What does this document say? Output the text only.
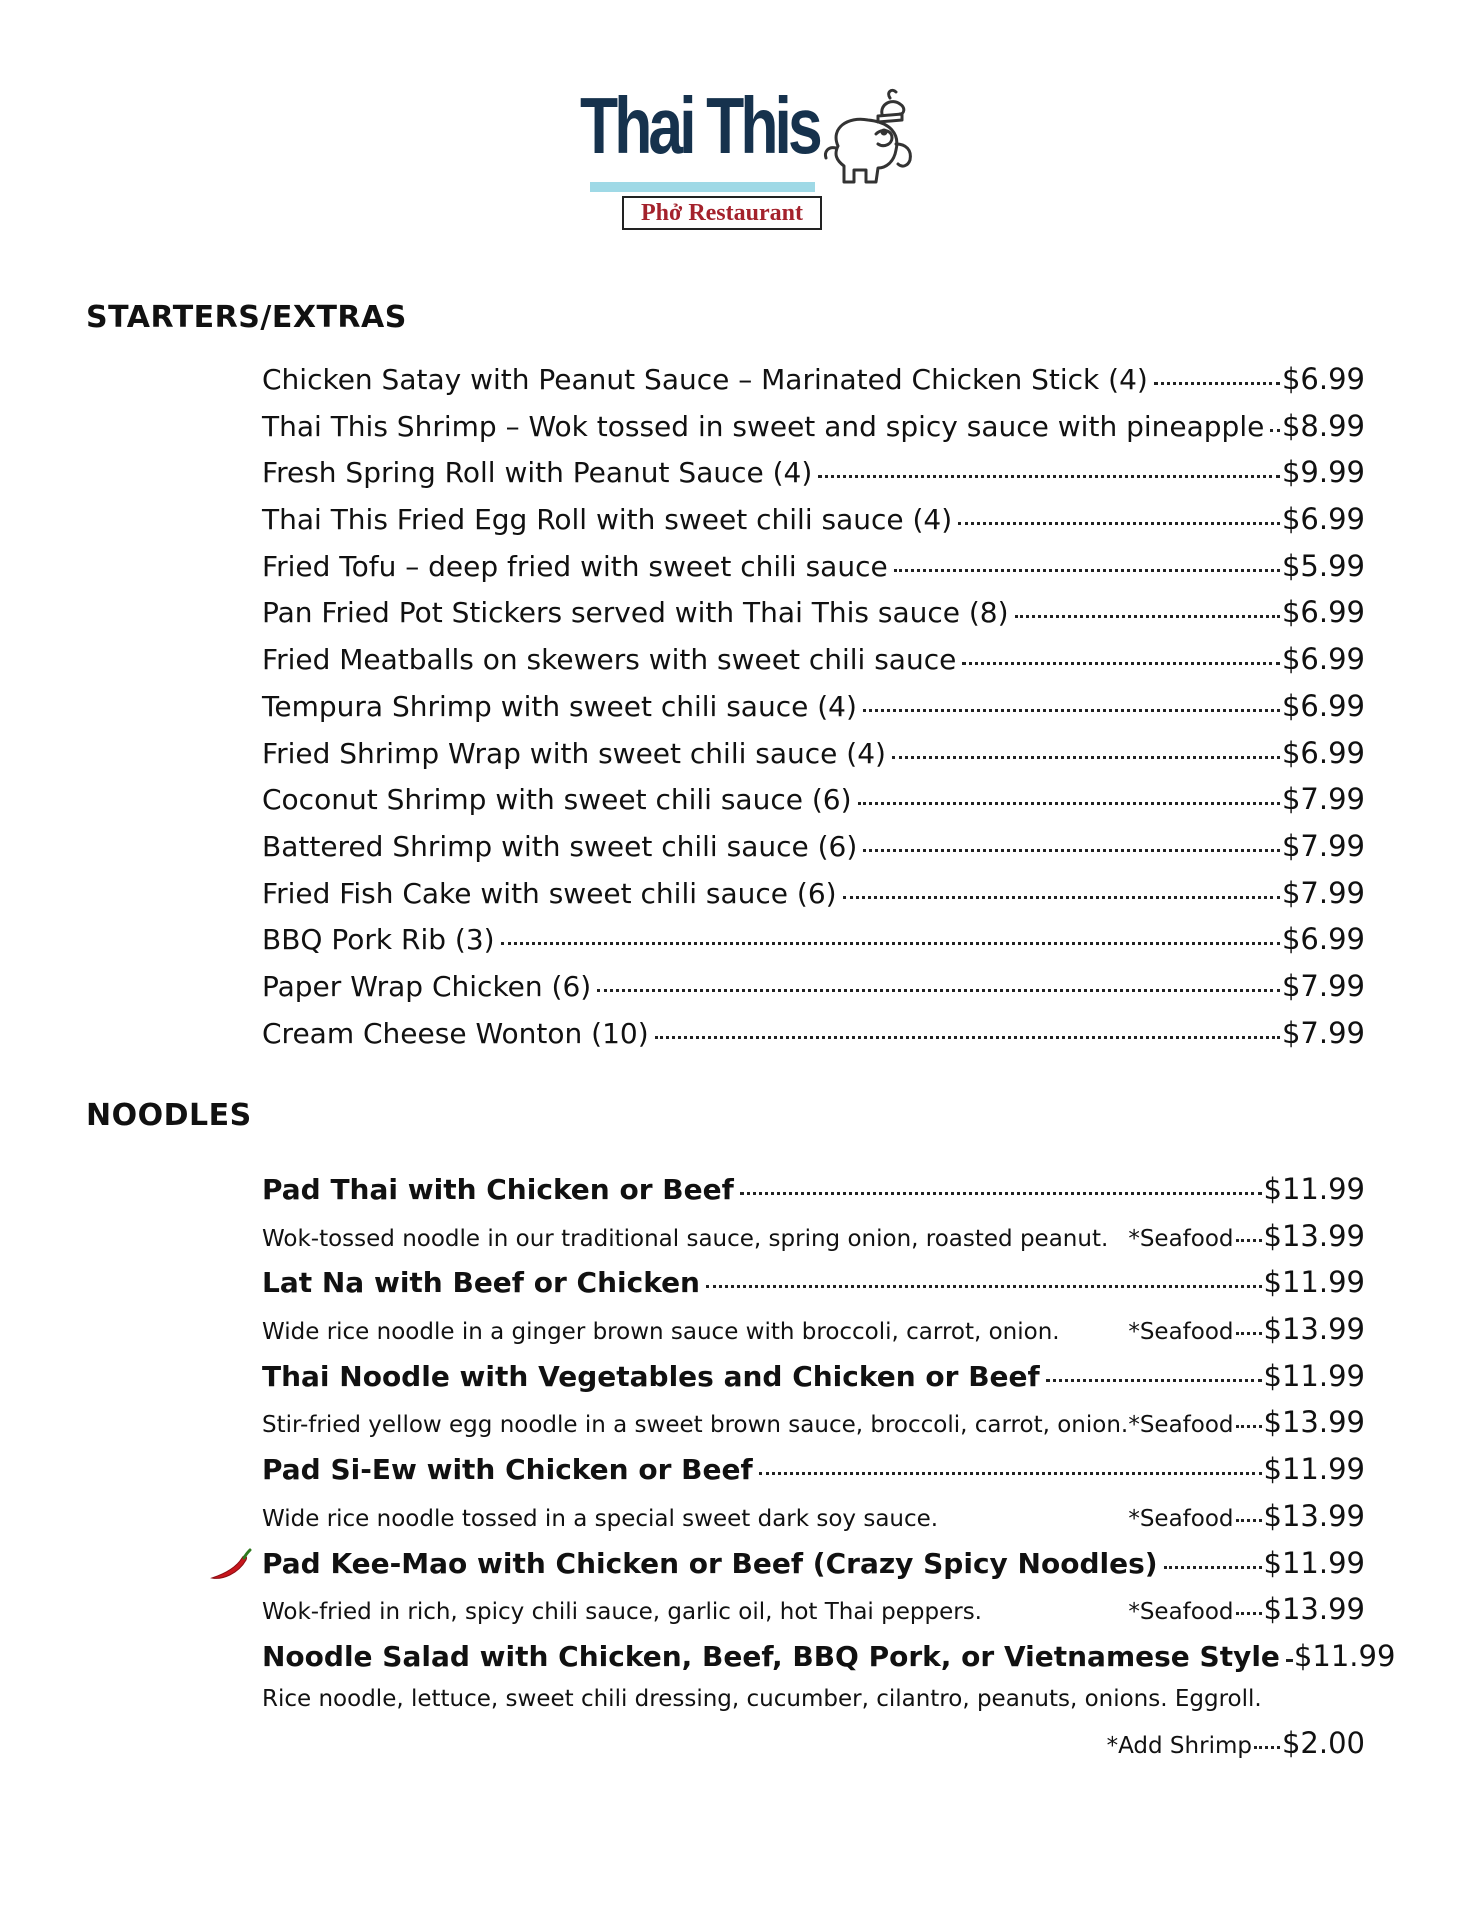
Thai This
Phở Restaurant
STARTERS/EXTRAS
Chicken Satay with Peanut Sauce – Marinated Chicken Stick (4)	$6.99
Thai This Shrimp – Wok tossed in sweet and spicy sauce with pineapple $8.99
Fresh Spring Roll with Peanut Sauce (4)	$9.99
Thai This Fried Egg Roll with sweet chili sauce (4)	$6.99
Fried Tofu – deep fried with sweet chili sauce	$5.99
Pan Fried Pot Stickers served with Thai This sauce (8)	$6.99
Fried Meatballs on skewers with sweet chili sauce	$6.99
Tempura Shrimp with sweet chili sauce (4)	$6.99
Fried Shrimp Wrap with sweet chili sauce (4)	$6.99
Coconut Shrimp with sweet chili sauce (6)	$7.99
Battered Shrimp with sweet chili sauce (6)	$7.99
Fried Fish Cake with sweet chili sauce (6)	$7.99
BBQ Pork Rib (3)	$6.99
Paper Wrap Chicken (6)	$7.99
Cream Cheese Wonton (10)	$7.99
NOODLES
Pad Thai with Chicken or Beef	$11.99
Wok-tossed noodle in our traditional sauce, spring onion, roasted peanut. *Seafood $13.99
Lat Na with Beef or Chicken	$11.99
Wide rice noodle in a ginger brown sauce with broccoli, carrot, onion.	*Seafood $13.99
Thai Noodle with Vegetables and Chicken or Beef	$11.99
Stir-fried yellow egg noodle in a sweet brown sauce, broccoli, carrot, onion. *Seafood $13.99
Pad Si-Ew with Chicken or Beef	$11.99
Wide rice noodle tossed in a special sweet dark soy sauce.	*Seafood $13.99
Pad Kee-Mao with Chicken or Beef (Crazy Spicy Noodles)	$11.99
Wok-fried in rich, spicy chili sauce, garlic oil, hot Thai peppers.	*Seafood $13.99
Noodle Salad with Chicken, Beef, BBQ Pork, or Vietnamese Style $11.99
Rice noodle, lettuce, sweet chili dressing, cucumber, cilantro, peanuts, onions. Eggroll.
*Add Shrimp $2.00
